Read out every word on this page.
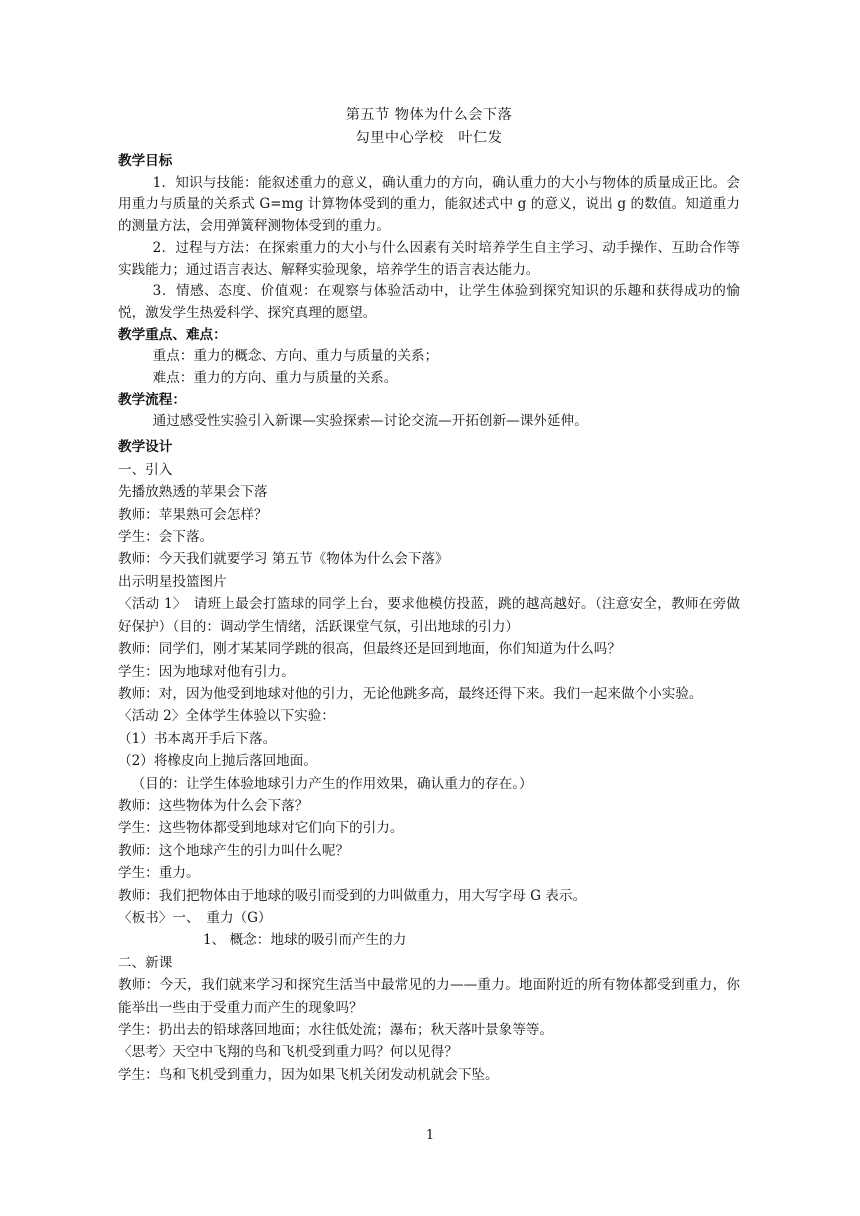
第五节 物体为什么会下落
勾里中心学校　叶仁发
教学目标

1．知识与技能：能叙述重力的意义，确认重力的方向，确认重力的大小与物体的质量成正比。会用重力与质量的关系式 G=mg 计算物体受到的重力，能叙述式中 g 的意义，说出 g 的数值。知道重力的测量方法，会用弹簧秤测物体受到的重力。

2．过程与方法：在探索重力的大小与什么因素有关时培养学生自主学习、动手操作、互助合作等实践能力；通过语言表达、解释实验现象，培养学生的语言表达能力。

3．情感、态度、价值观：在观察与体验活动中，让学生体验到探究知识的乐趣和获得成功的愉悦，激发学生热爱科学、探究真理的愿望。

教学重点、难点：

重点：重力的概念、方向、重力与质量的关系；

难点：重力的方向、重力与质量的关系。

教学流程：

通过感受性实验引入新课—实验探索—讨论交流—开拓创新—课外延伸。

教学设计

一、引入

先播放熟透的苹果会下落

教师：苹果熟可会怎样？

学生：会下落。

教师：今天我们就要学习 第五节《物体为什么会下落》

出示明星投篮图片

〈活动 1〉　请班上最会打篮球的同学上台，要求他模仿投蓝，跳的越高越好。（注意安全，教师在旁做好保护）（目的：调动学生情绪，活跃课堂气氛，引出地球的引力）

教师：同学们，刚才某某同学跳的很高，但最终还是回到地面，你们知道为什么吗？

学生：因为地球对他有引力。

教师：对，因为他受到地球对他的引力，无论他跳多高，最终还得下来。我们一起来做个小实验。

〈活动 2〉全体学生体验以下实验：

（1）书本离开手后下落。

（2）将橡皮向上抛后落回地面。

（目的：让学生体验地球引力产生的作用效果，确认重力的存在。）

教师：这些物体为什么会下落？

学生：这些物体都受到地球对它们向下的引力。

教师：这个地球产生的引力叫什么呢？

学生：重力。

教师：我们把物体由于地球的吸引而受到的力叫做重力，用大写字母 G 表示。

〈板书〉一、　重力（G）

1、 概念：地球的吸引而产生的力

二、新课

教师：今天，我们就来学习和探究生活当中最常见的力——重力。地面附近的所有物体都受到重力，你能举出一些由于受重力而产生的现象吗？

学生：扔出去的铅球落回地面；水往低处流；瀑布；秋天落叶景象等等。

〈思考〉天空中飞翔的鸟和飞机受到重力吗？何以见得？

学生：鸟和飞机受到重力，因为如果飞机关闭发动机就会下坠。

1
